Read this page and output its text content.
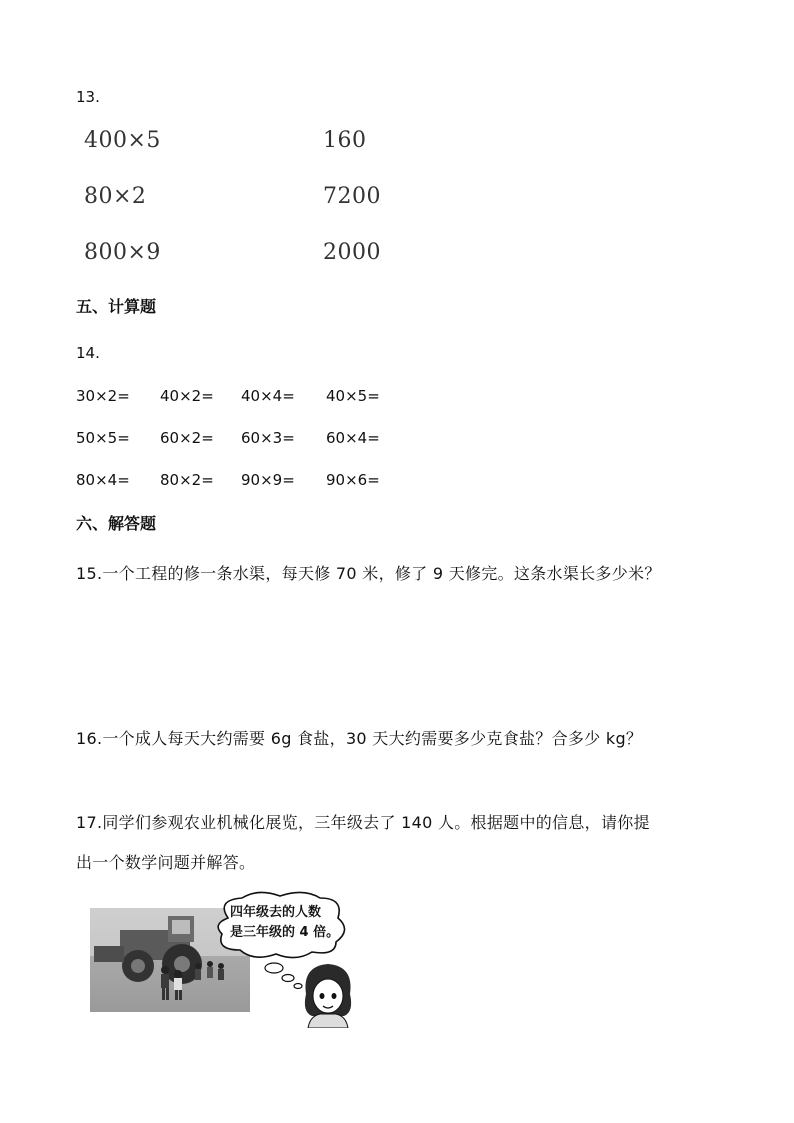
13.
400×5
80×2
800×9
160
7200
2000
五、计算题
14.
30×2= 40×2= 40×4= 40×5=
50×5= 60×2= 60×3= 60×4=
80×4= 80×2= 90×9= 90×6=
六、解答题
15.一个工程的修一条水渠，每天修 70 米，修了 9 天修完。这条水渠长多少米？
16.一个成人每天大约需要 6g 食盐，30 天大约需要多少克食盐？合多少 kg？
17.同学们参观农业机械化展览，三年级去了 140 人。根据题中的信息，请你提
出一个数学问题并解答。
四年级去的人数
是三年级的 4 倍。
